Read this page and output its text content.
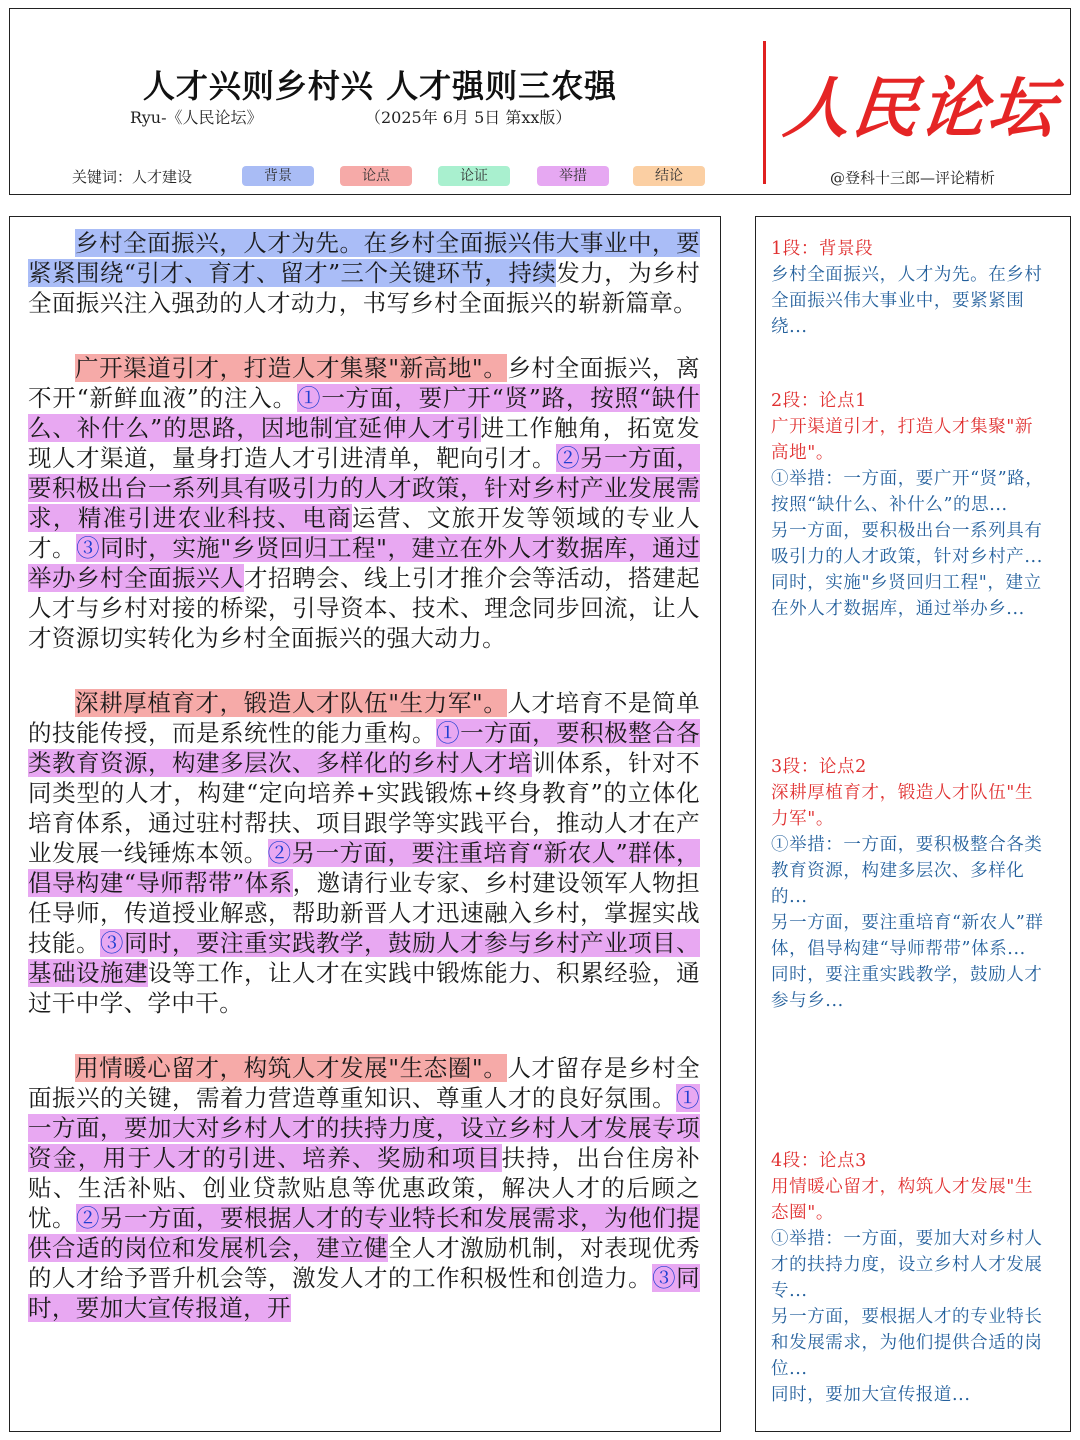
人才兴则乡村兴 人才强则三农强
Ryu-《人民论坛》	（2025年 6月 5日 第xx版）
关键词：人才建设	背景	论点	论证	举措	结论
人民论坛
@登科十三郎—评论精析

乡村全面振兴，人才为先。在乡村全面振兴伟大事业中，要紧紧围绕“引才、育才、留才”三个关键环节，持续发力，为乡村全面振兴注入强劲的人才动力，书写乡村全面振兴的崭新篇章。

广开渠道引才，打造人才集聚"新高地"。乡村全面振兴，离不开“新鲜血液”的注入。①一方面，要广开“贤”路，按照“缺什么、补什么”的思路，因地制宜延伸人才引进工作触角，拓宽发现人才渠道，量身打造人才引进清单，靶向引才。②另一方面，要积极出台一系列具有吸引力的人才政策，针对乡村产业发展需求，精准引进农业科技、电商运营、文旅开发等领域的专业人才。③同时，实施"乡贤回归工程"，建立在外人才数据库，通过举办乡村全面振兴人才招聘会、线上引才推介会等活动，搭建起人才与乡村对接的桥梁，引导资本、技术、理念同步回流，让人才资源切实转化为乡村全面振兴的强大动力。

深耕厚植育才，锻造人才队伍"生力军"。人才培育不是简单的技能传授，而是系统性的能力重构。①一方面，要积极整合各类教育资源，构建多层次、多样化的乡村人才培训体系，针对不同类型的人才，构建“定向培养+实践锻炼+终身教育”的立体化培育体系，通过驻村帮扶、项目跟学等实践平台，推动人才在产业发展一线锤炼本领。②另一方面，要注重培育“新农人”群体，倡导构建“导师帮带”体系，邀请行业专家、乡村建设领军人物担任导师，传道授业解惑，帮助新晋人才迅速融入乡村，掌握实战技能。③同时，要注重实践教学，鼓励人才参与乡村产业项目、基础设施建设等工作，让人才在实践中锻炼能力、积累经验，通过干中学、学中干。

用情暖心留才，构筑人才发展"生态圈"。人才留存是乡村全面振兴的关键，需着力营造尊重知识、尊重人才的良好氛围。①一方面，要加大对乡村人才的扶持力度，设立乡村人才发展专项资金，用于人才的引进、培养、奖励和项目扶持，出台住房补贴、生活补贴、创业贷款贴息等优惠政策，解决人才的后顾之忧。②另一方面，要根据人才的专业特长和发展需求，为他们提供合适的岗位和发展机会，建立健全人才激励机制，对表现优秀的人才给予晋升机会等，激发人才的工作积极性和创造力。③同时，要加大宣传报道，开

1段：背景段
乡村全面振兴，人才为先。在乡村全面振兴伟大事业中，要紧紧围绕...
2段：论点1
广开渠道引才，打造人才集聚"新高地"。
①举措：一方面，要广开“贤”路，按照“缺什么、补什么”的思...
另一方面，要积极出台一系列具有吸引力的人才政策，针对乡村产...
同时，实施"乡贤回归工程"，建立在外人才数据库，通过举办乡...
3段：论点2
深耕厚植育才，锻造人才队伍"生力军"。
①举措：一方面，要积极整合各类教育资源，构建多层次、多样化的...
另一方面，要注重培育“新农人”群体，倡导构建“导师帮带”体系...
同时，要注重实践教学，鼓励人才参与乡...
4段：论点3
用情暖心留才，构筑人才发展"生态圈"。
①举措：一方面，要加大对乡村人才的扶持力度，设立乡村人才发展专...
另一方面，要根据人才的专业特长和发展需求，为他们提供合适的岗位...
同时，要加大宣传报道...
